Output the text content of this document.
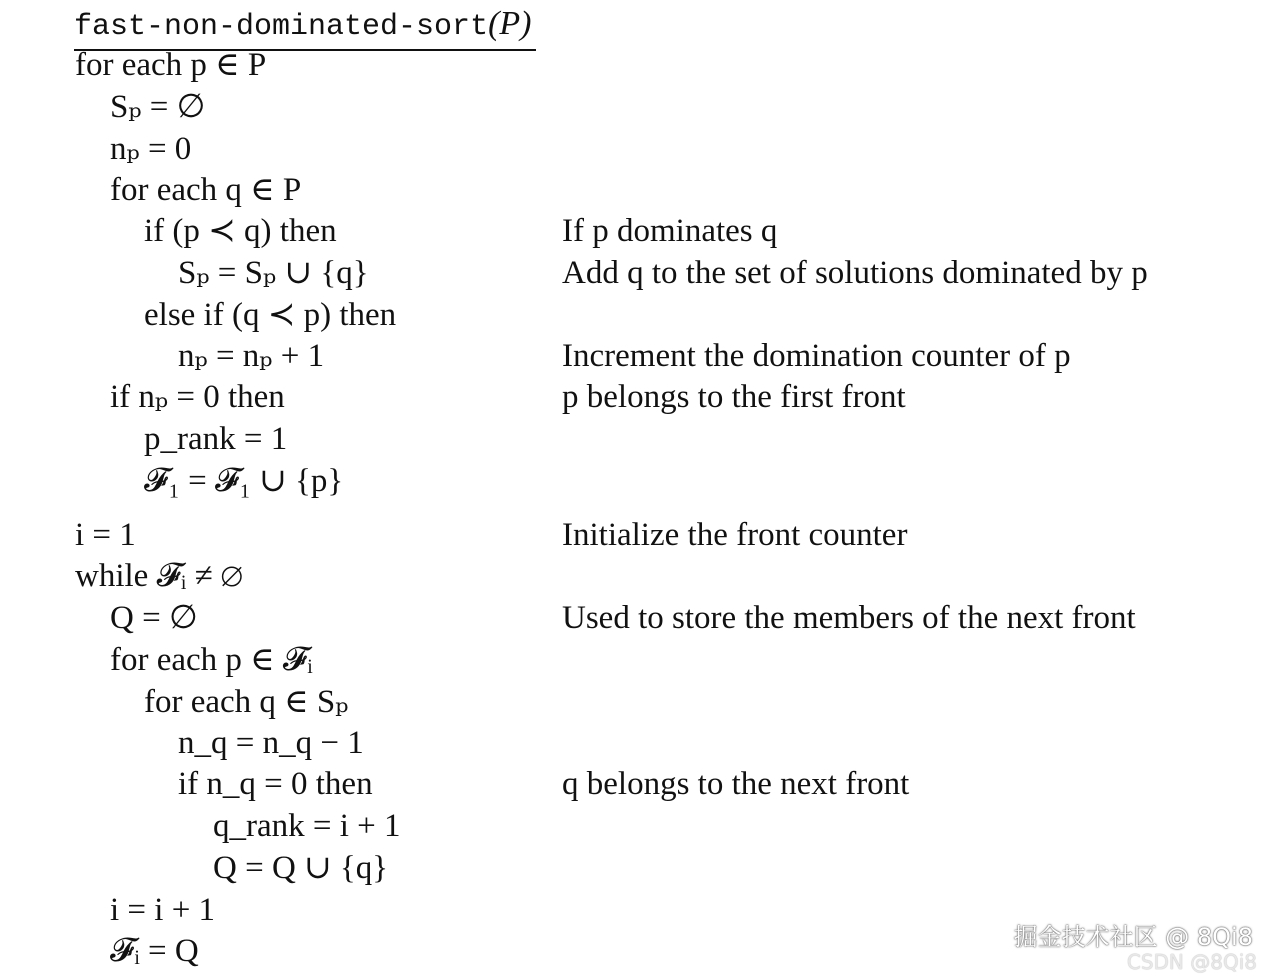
fast-non-dominated-sort(P)
for each p ∈ P
Sₚ = ∅
nₚ = 0
for each q ∈ P
if (p ≺ q) then	If p dominates q
Sₚ = Sₚ ∪ {q}	Add q to the set of solutions dominated by p
else if (q ≺ p) then
nₚ = nₚ + 1	Increment the domination counter of p
if nₚ = 0 then	p belongs to the first front
p_rank = 1
𝓕₁ = 𝓕₁ ∪ {p}
i = 1	Initialize the front counter
while 𝓕ᵢ ≠ ∅
Q = ∅	Used to store the members of the next front
for each p ∈ 𝓕ᵢ
for each q ∈ Sₚ
n_q = n_q − 1
if n_q = 0 then	q belongs to the next front
q_rank = i + 1
Q = Q ∪ {q}
i = i + 1
𝓕ᵢ = Q	掘金技术社区 @ 8Qi8
CSDN @8Qi8
